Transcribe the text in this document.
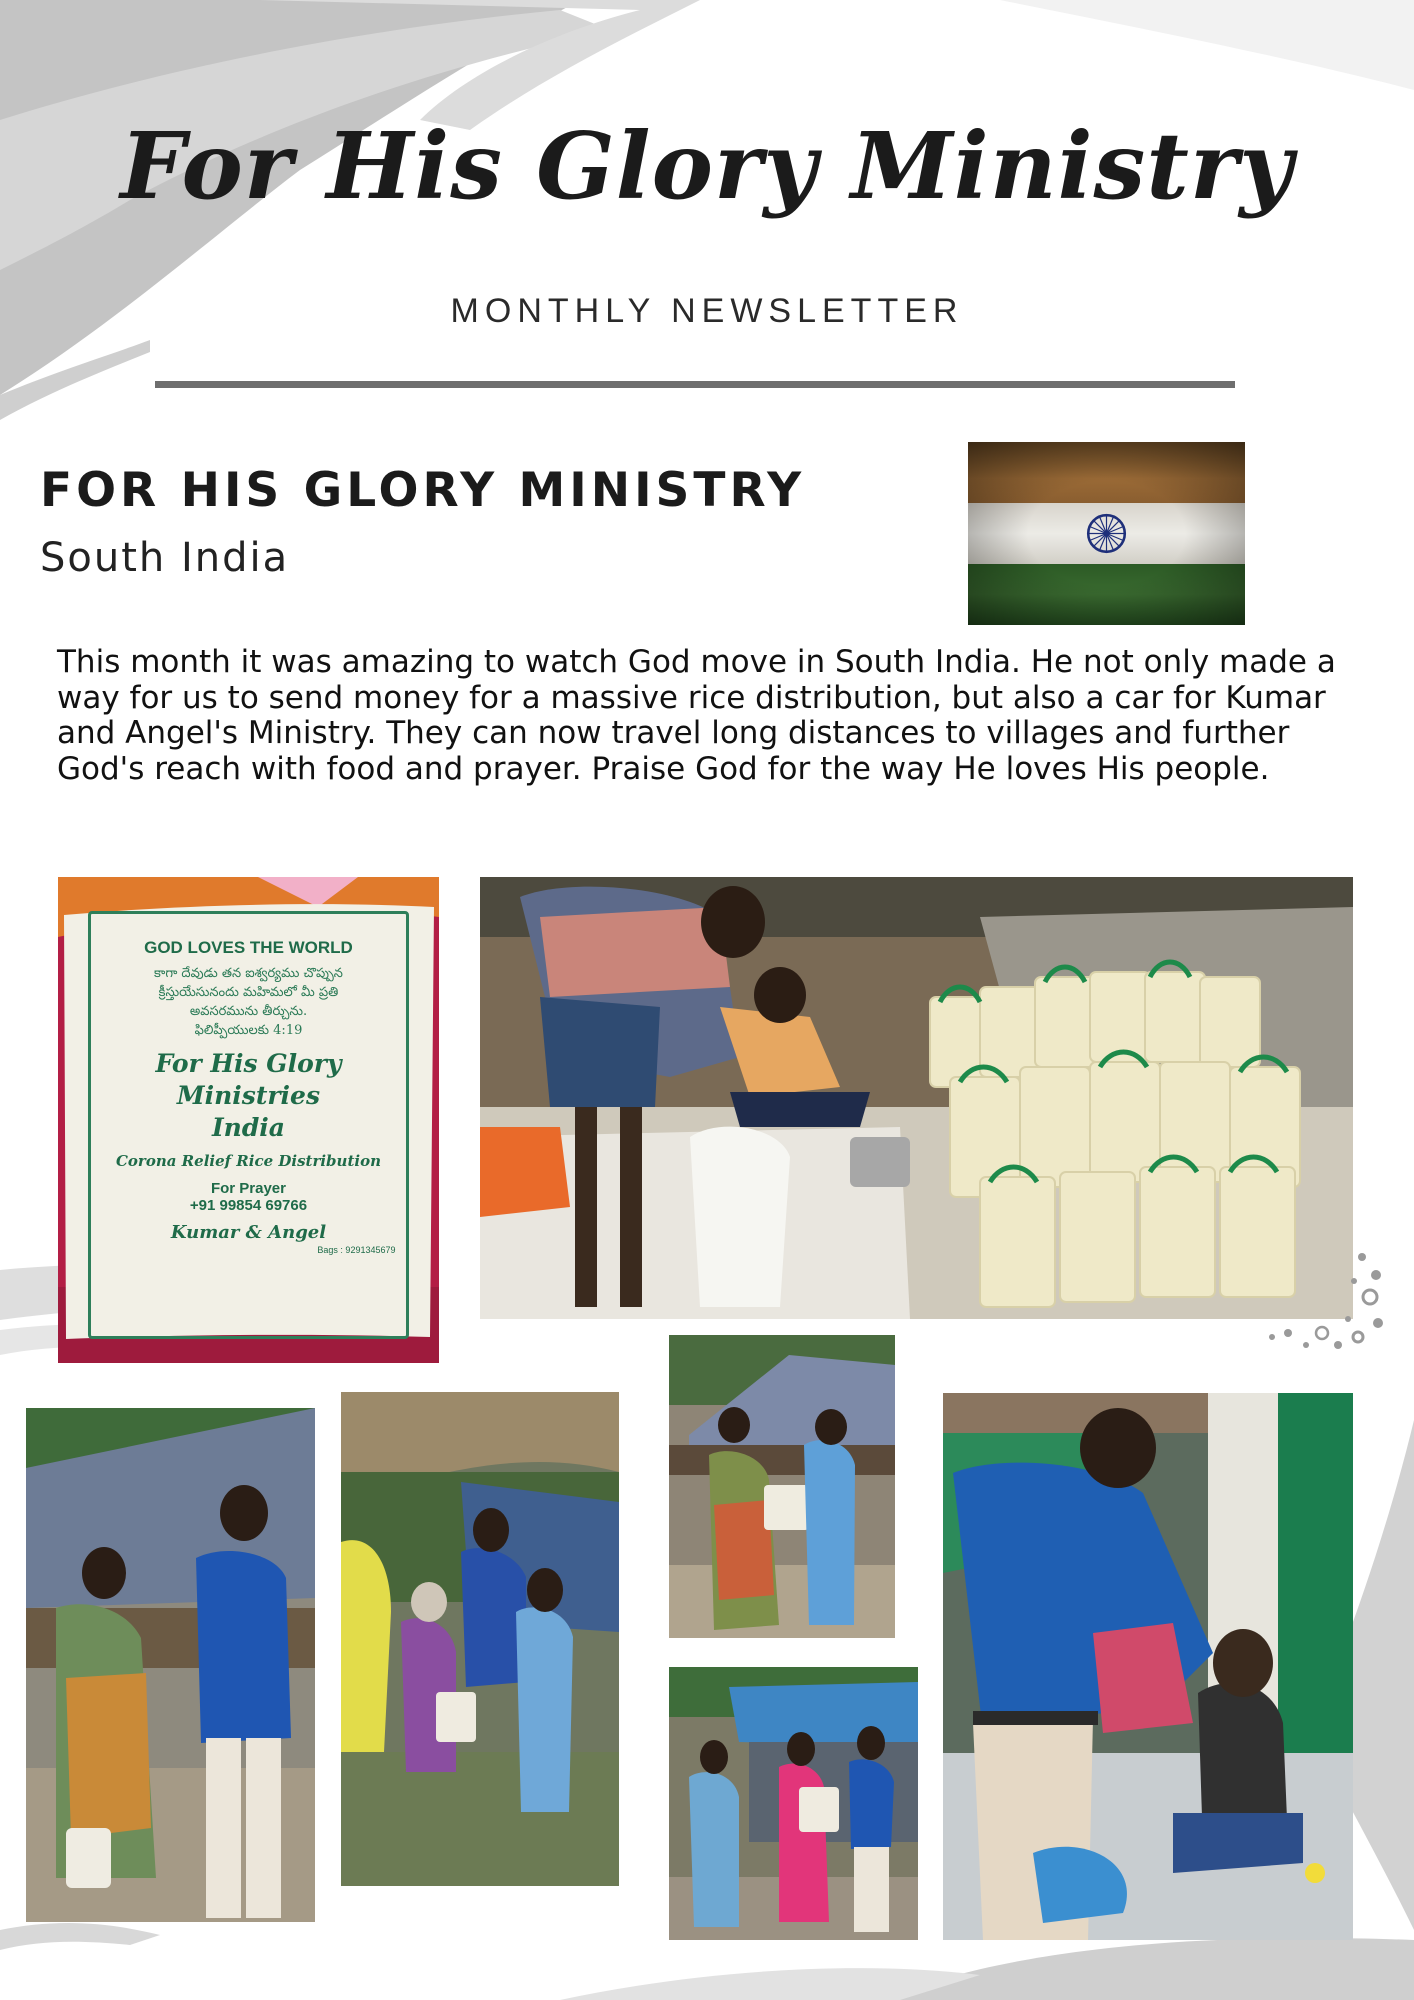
For His Glory Ministry
MONTHLY NEWSLETTER
FOR HIS GLORY MINISTRY
South India
This month it was amazing to watch God move in South India. He not only made a way for us to send money for a massive rice distribution, but also a car for Kumar and Angel's Ministry. They can now travel long distances to villages and further God's reach with food and prayer. Praise God for the way He loves His people.
GOD LOVES THE WORLD
కాగా దేవుడు తన ఐశ్వర్యము చొప్పున
క్రీస్తుయేసునందు మహిమలో మీ ప్రతి
అవసరమును తీర్చును.
ఫిలిప్పీయులకు 4:19
For His Glory
Ministries
India
Corona Relief Rice Distribution
For Prayer
+91 99854 69766
Kumar & Angel
Bags : 9291345679
